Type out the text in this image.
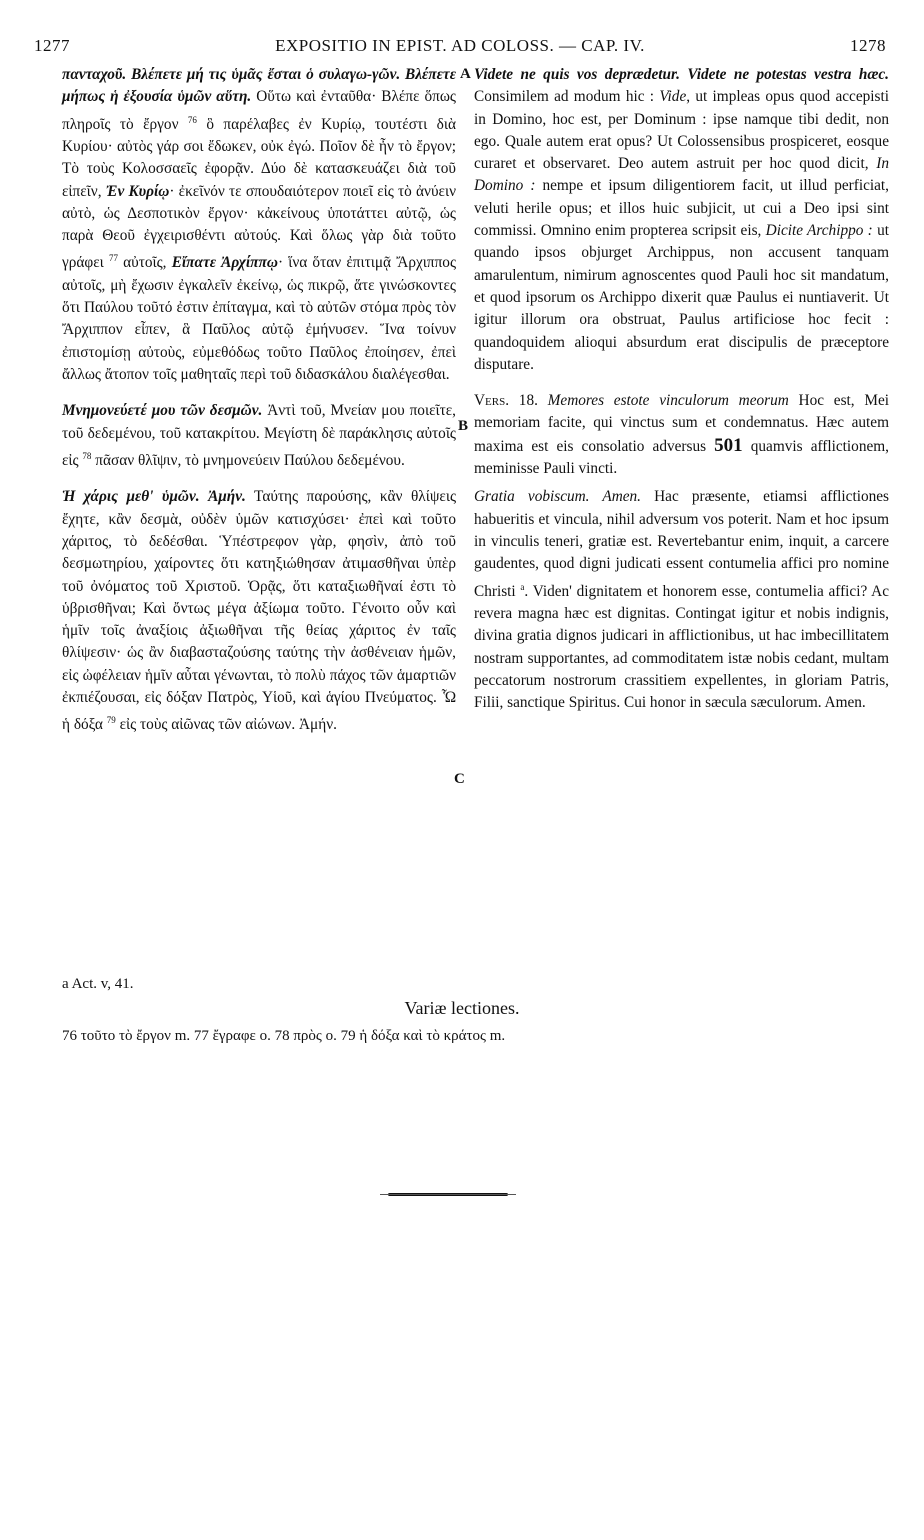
1277	EXPOSITIO IN EPIST. AD COLOSS. — CAP. IV.	1278
A
B
C

πανταχοῦ. Βλέπετε μή τις ὑμᾶς ἔσται ὁ συλαγω-γῶν. Βλέπετε μήπως ἡ ἐξουσία ὑμῶν αὕτη. Οὕτω καὶ ἐνταῦθα· Βλέπε ὅπως πληροῖς τὸ ἔργον $^{76}$ ὃ παρέλαβες ἐν Κυρίῳ, τουτέστι διὰ Κυρίου· αὐτὸς γάρ σοι ἔδωκεν, οὐκ ἐγώ. Ποῖον δὲ ἦν τὸ ἔργον; Τὸ τοὺς Κολοσσαεῖς ἐφορᾷν. Δύο δὲ κατασκευάζει διὰ τοῦ εἰπεῖν, Ἐν Κυρίῳ· ἐκεῖνόν τε σπουδαιότερον ποιεῖ εἰς τὸ ἀνύειν αὐτὸ, ὡς Δεσποτικὸν ἔργον· κἀκείνους ὑποτάττει αὐτῷ, ὡς παρὰ Θεοῦ ἐγχειρισθέντι αὐτούς. Καὶ ὅλως γὰρ διὰ τοῦτο γράφει $^{77}$ αὐτοῖς, Εἴπατε Ἀρχίππῳ· ἵνα ὅταν ἐπιτιμᾷ Ἄρχιππος αὐτοῖς, μὴ ἔχωσιν ἐγκαλεῖν ἐκείνῳ, ὡς πικρῷ, ἅτε γινώσκοντες ὅτι Παύλου τοῦτό ἐστιν ἐπίταγμα, καὶ τὸ αὐτῶν στόμα πρὸς τὸν Ἄρχιππον εἶπεν, ἃ Παῦλος αὐτῷ ἐμήνυσεν. Ἵνα τοίνυν ἐπιστομίσῃ αὐτοὺς, εὐμεθόδως τοῦτο Παῦλος ἐποίησεν, ἐπεὶ ἄλλως ἄτοπον τοῖς μαθηταῖς περὶ τοῦ διδασκάλου διαλέγεσθαι.

Μνημονεύετέ μου τῶν δεσμῶν. Ἀντὶ τοῦ, Μνείαν μου ποιεῖτε, τοῦ δεδεμένου, τοῦ κατακρίτου. Μεγίστη δὲ παράκλησις αὐτοῖς εἰς $^{78}$ πᾶσαν θλῖψιν, τὸ μνημονεύειν Παύλου δεδεμένου.

Ἡ χάρις μεθ' ὑμῶν. Ἀμήν. Ταύτης παρούσης, κἂν θλίψεις ἔχητε, κἂν δεσμὰ, οὐδὲν ὑμῶν κατισχύσει· ἐπεὶ καὶ τοῦτο χάριτος, τὸ δεδέσθαι. Ὑπέστρεφον γὰρ, φησὶν, ἀπὸ τοῦ δεσμωτηρίου, χαίροντες ὅτι κατηξιώθησαν ἀτιμασθῆναι ὑπὲρ τοῦ ὀνόματος τοῦ Χριστοῦ. Ὁρᾷς, ὅτι καταξιωθῆναί ἐστι τὸ ὑβρισθῆναι; Καὶ ὄντως μέγα ἀξίωμα τοῦτο. Γένοιτο οὖν καὶ ἡμῖν τοῖς ἀναξίοις ἀξιωθῆναι τῆς θείας χάριτος ἐν ταῖς θλίψεσιν· ὡς ἂν διαβασταζούσης ταύτης τὴν ἀσθένειαν ἡμῶν, εἰς ὠφέλειαν ἡμῖν αὗται γένωνται, τὸ πολὺ πάχος τῶν ἁμαρτιῶν ἐκπιέζουσαι, εἰς δόξαν Πατρὸς, Υἱοῦ, καὶ ἁγίου Πνεύματος. Ὧ ἡ δόξα $^{79}$ εἰς τοὺς αἰῶνας τῶν αἰώνων. Ἀμήν.

Videte ne quis vos deprædetur. Videte ne potestas vestra hæc. Consimilem ad modum hic : Vide, ut impleas opus quod accepisti in Domino, hoc est, per Dominum : ipse namque tibi dedit, non ego. Quale autem erat opus? Ut Colossensibus prospiceret, eosque curaret et observaret. Deo autem astruit per hoc quod dicit, In Domino : nempe et ipsum diligentiorem facit, ut illud perficiat, veluti herile opus; et illos huic subjicit, ut cui a Deo ipsi sint commissi. Omnino enim propterea scripsit eis, Dicite Archippo : ut quando ipsos objurget Archippus, non accusent tanquam amarulentum, nimirum agnoscentes quod Pauli hoc sit mandatum, et quod ipsorum os Archippo dixerit quæ Paulus ei nuntiaverit. Ut igitur illorum ora obstruat, Paulus artificiose hoc fecit : quandoquidem alioqui absurdum erat discipulis de præceptore disputare.

Vers. 18. Memores estote vinculorum meorum Hoc est, Mei memoriam facite, qui vinctus sum et condemnatus. Hæc autem maxima est eis consolatio adversus 501 quamvis afflictionem, meminisse Pauli vincti.

Gratia vobiscum. Amen. Hac præsente, etiamsi afflictiones habueritis et vincula, nihil adversum vos poterit. Nam et hoc ipsum in vinculis teneri, gratiæ est. Revertebantur enim, inquit, a carcere gaudentes, quod digni judicati essent contumelia affici pro nomine Christi $^a$. Viden' dignitatem et honorem esse, contumelia affici? Ac revera magna hæc est dignitas. Contingat igitur et nobis indignis, divina gratia dignos judicari in afflictionibus, ut hac imbecillitatem nostram supportantes, ad commoditatem istæ nobis cedant, multam peccatorum nostrorum crassitiem expellentes, in gloriam Patris, Filii, sanctique Spiritus. Cui honor in sæcula sæculorum. Amen.

a Act. v, 41.
Variæ lectiones.
76 τοῦτο τὸ ἔργον m. 77 ἔγραφε o. 78 πρὸς o. 79 ἡ δόξα καὶ τὸ κράτος m.
